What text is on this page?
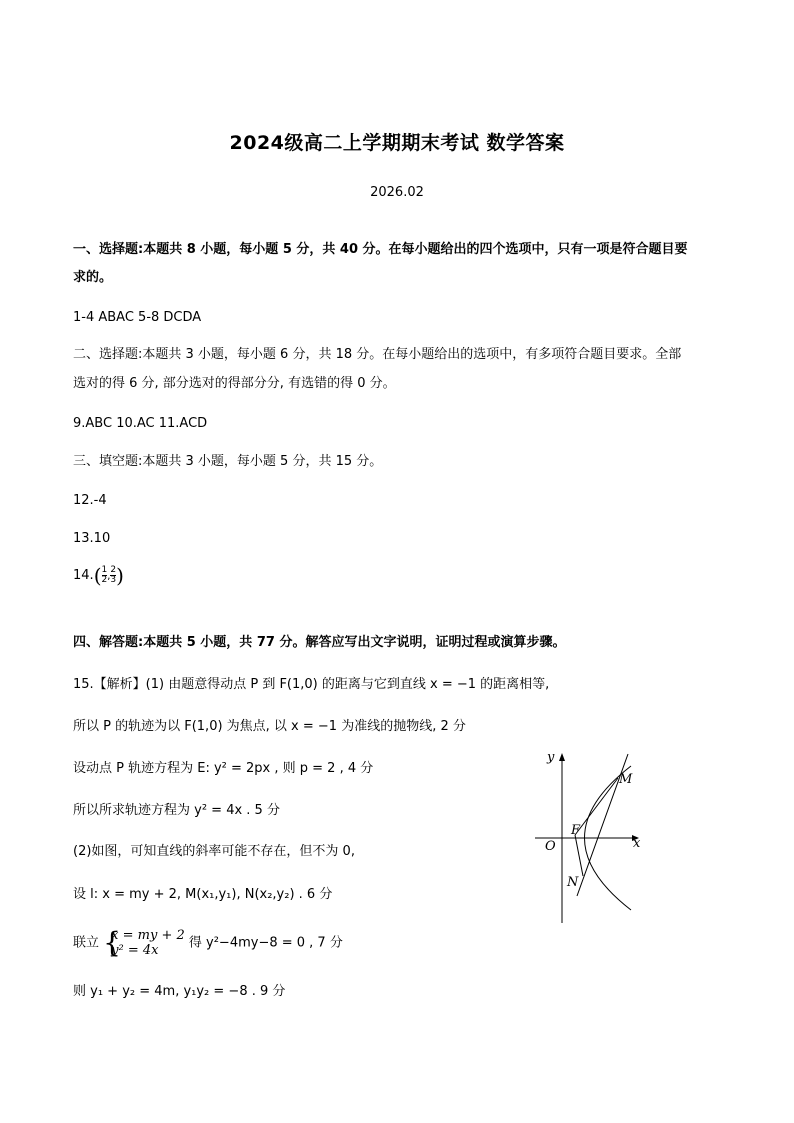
2024级高二上学期期末考试 数学答案
2026.02
一、选择题:本题共 8 小题，每小题 5 分，共 40 分。在每小题给出的四个选项中，只有一项是符合题目要
求的。
1-4 ABAC 5-8 DCDA
二、选择题:本题共 3 小题，每小题 6 分，共 18 分。在每小题给出的选项中，有多项符合题目要求。全部
选对的得 6 分, 部分选对的得部分分, 有选错的得 0 分。
9.ABC 10.AC 11.ACD
三、填空题:本题共 3 小题，每小题 5 分，共 15 分。
12.-4
13.10
$14.( \frac{1}{2}$ , $\frac{2}{3}$ )
四、解答题:本题共 5 小题，共 77 分。解答应写出文字说明，证明过程或演算步骤。
15.【解析】(1) 由题意得动点 P 到 F(1,0) 的距离与它到直线 x = −1 的距离相等,
所以 P 的轨迹为以 F(1,0) 为焦点, 以 x = −1 为准线的抛物线, 2 分
设动点 P 轨迹方程为 E: y² = 2px , 则 p = 2 , 4 分
所以所求轨迹方程为 y² = 4x . 5 分
(2)如图，可知直线的斜率可能不存在，但不为 0,
设 l: x = my + 2, M(x₁,y₁), N(x₂,y₂) . 6 分
联立 {
x = my + 2
y² = 4x	得 y²−4my−8 = 0 , 7 分
则 y₁ + y₂ = 4m, y₁y₂ = −8 . 9 分
y
x
O
F
M
N
